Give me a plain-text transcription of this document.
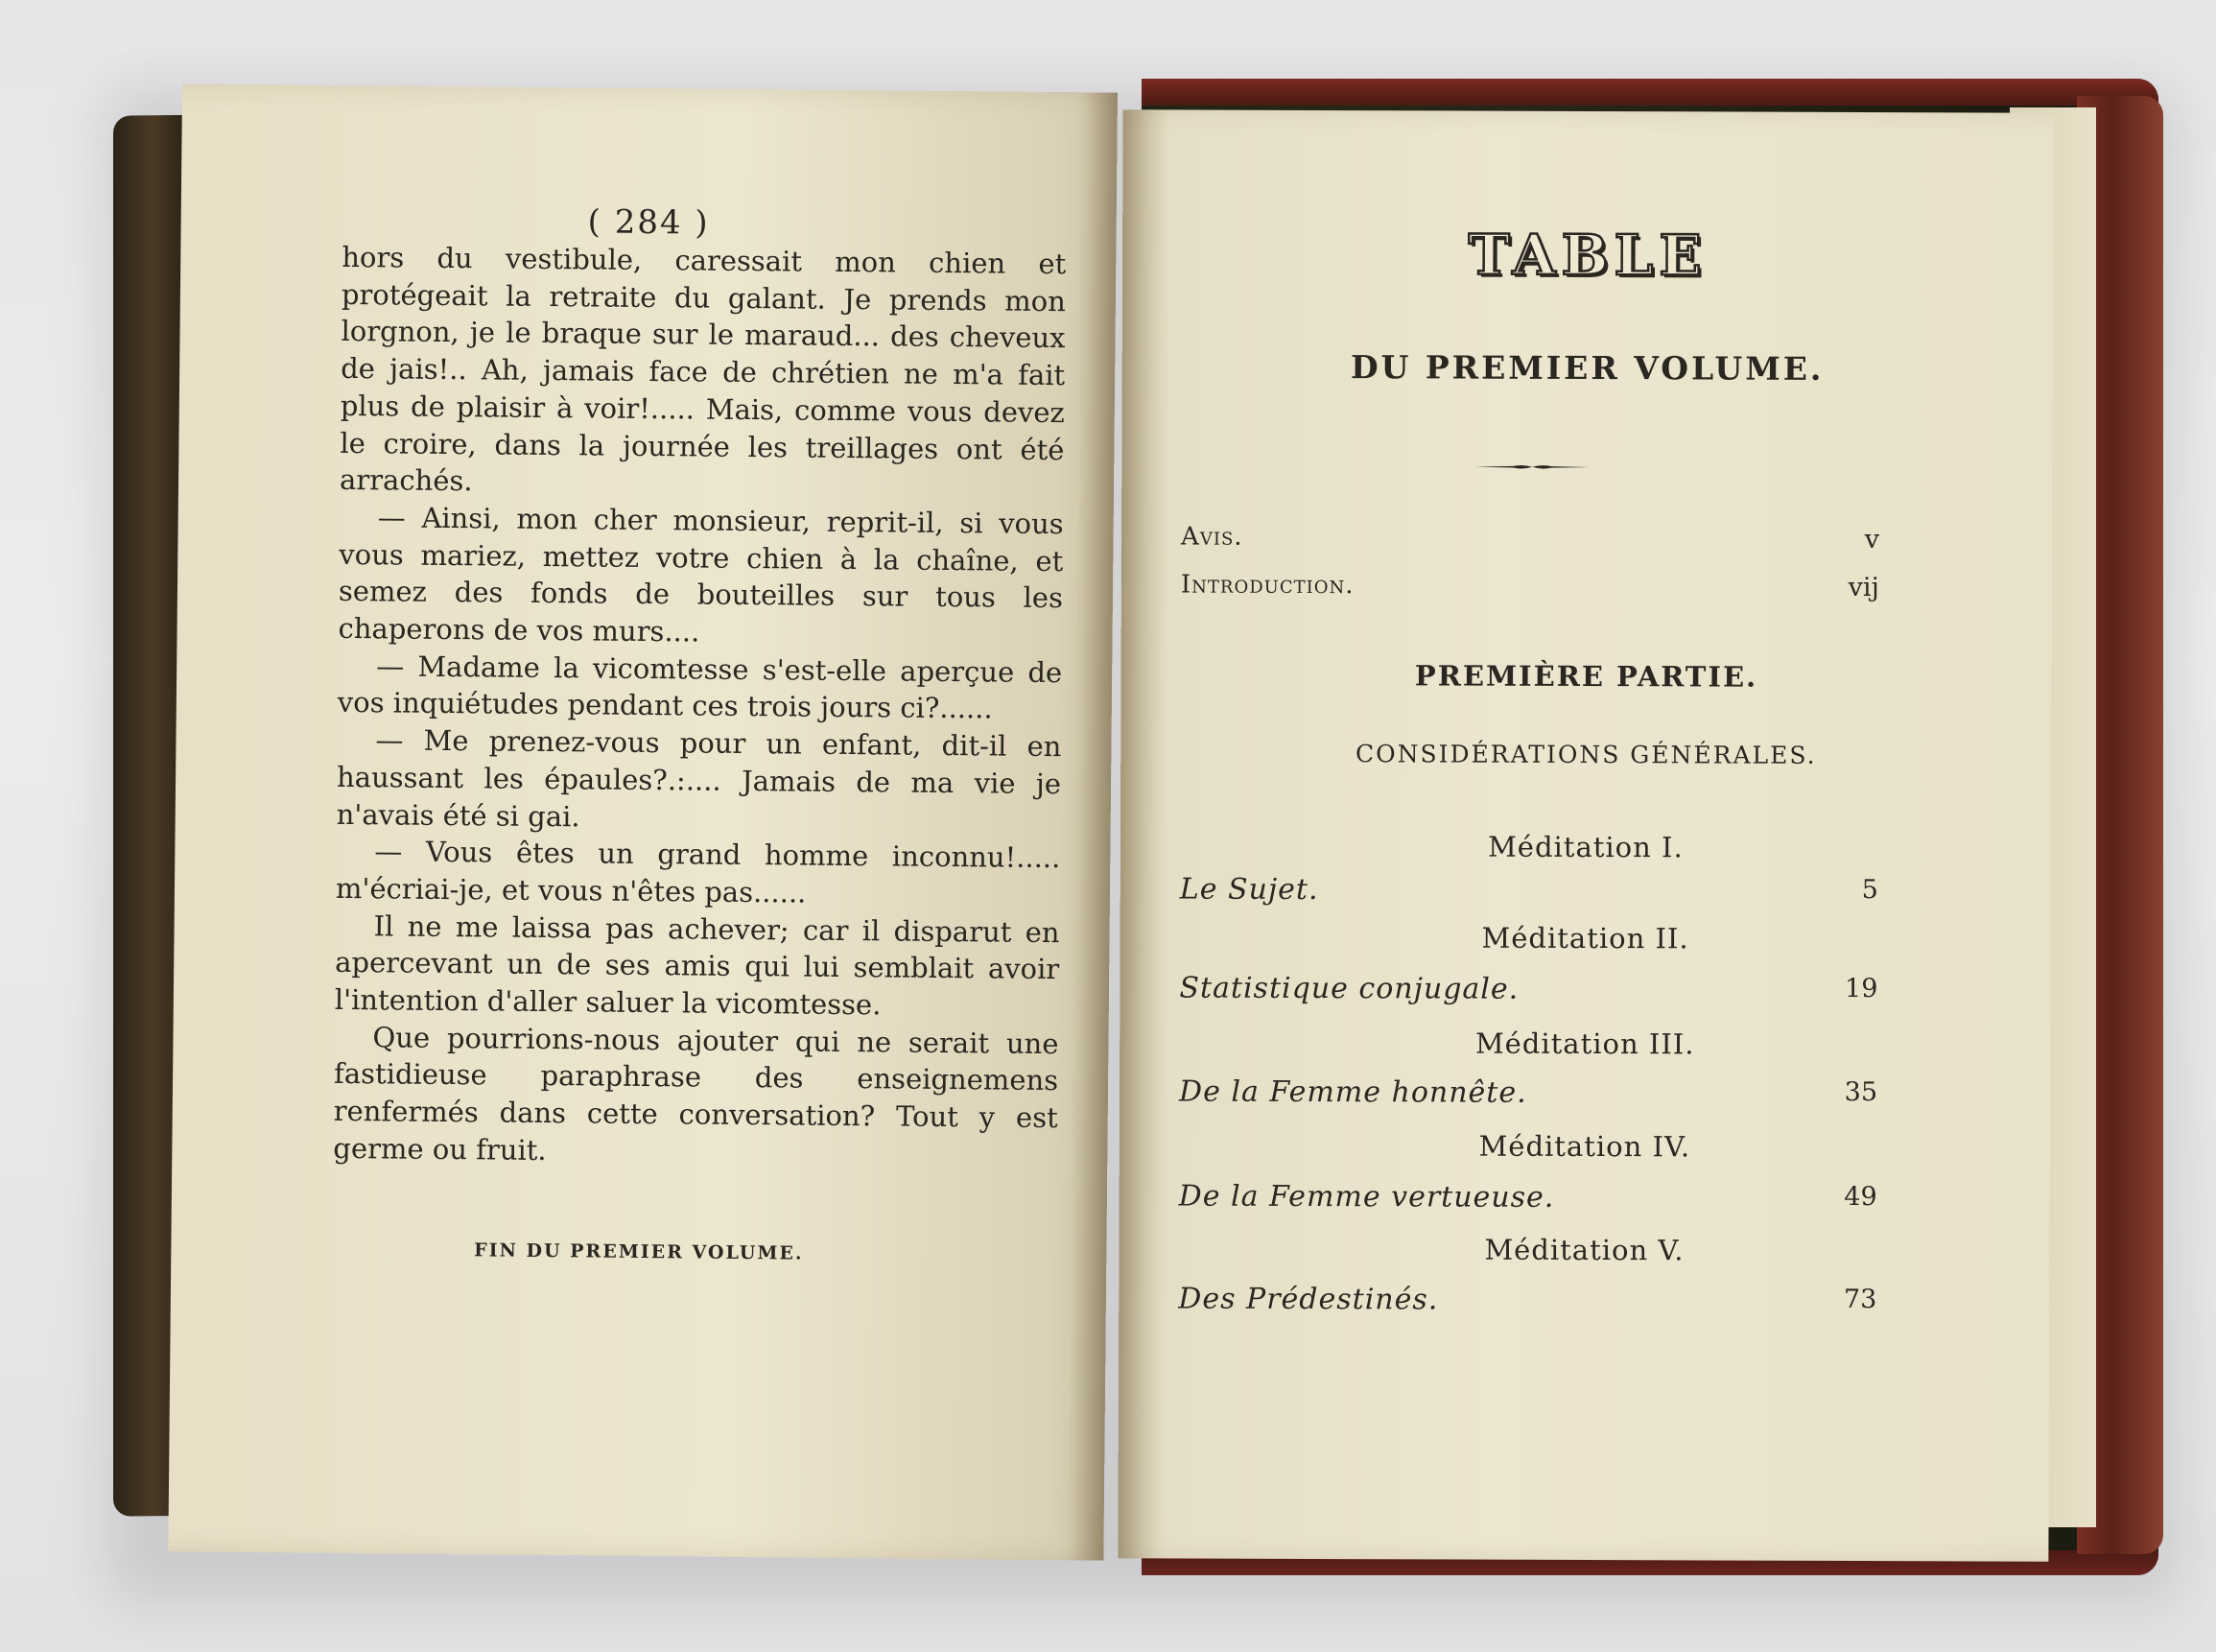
( 284 )

hors du vestibule, caressait mon chien et protégeait la retraite du galant. Je prends mon lorgnon, je le braque sur le maraud... des cheveux de jais!.. Ah, jamais face de chrétien ne m'a fait plus de plaisir à voir!..... Mais, comme vous devez le croire, dans la journée les treillages ont été arrachés.

— Ainsi, mon cher monsieur, reprit-il, si vous vous mariez, mettez votre chien à la chaîne, et semez des fonds de bouteilles sur tous les chaperons de vos murs....

— Madame la vicomtesse s'est-elle aperçue de vos inquiétudes pendant ces trois jours ci?......

— Me prenez-vous pour un enfant, dit-il en haussant les épaules?.:.... Jamais de ma vie je n'avais été si gai.

— Vous êtes un grand homme inconnu!..... m'écriai-je, et vous n'êtes pas......

Il ne me laissa pas achever; car il disparut en apercevant un de ses amis qui lui semblait avoir l'intention d'aller saluer la vicomtesse.

Que pourrions-nous ajouter qui ne serait une fastidieuse paraphrase des enseignemens renfermés dans cette conversation? Tout y est germe ou fruit.

FIN DU PREMIER VOLUME.
TABLE
DU PREMIER VOLUME.
Avis.	v
Introduction.	vij
PREMIÈRE PARTIE.
CONSIDÉRATIONS GÉNÉRALES.
Méditation I.
Le Sujet.	5
Méditation II.
Statistique conjugale.	19
Méditation III.
De la Femme honnête.	35
Méditation IV.
De la Femme vertueuse.	49
Méditation V.
Des Prédestinés.	73
